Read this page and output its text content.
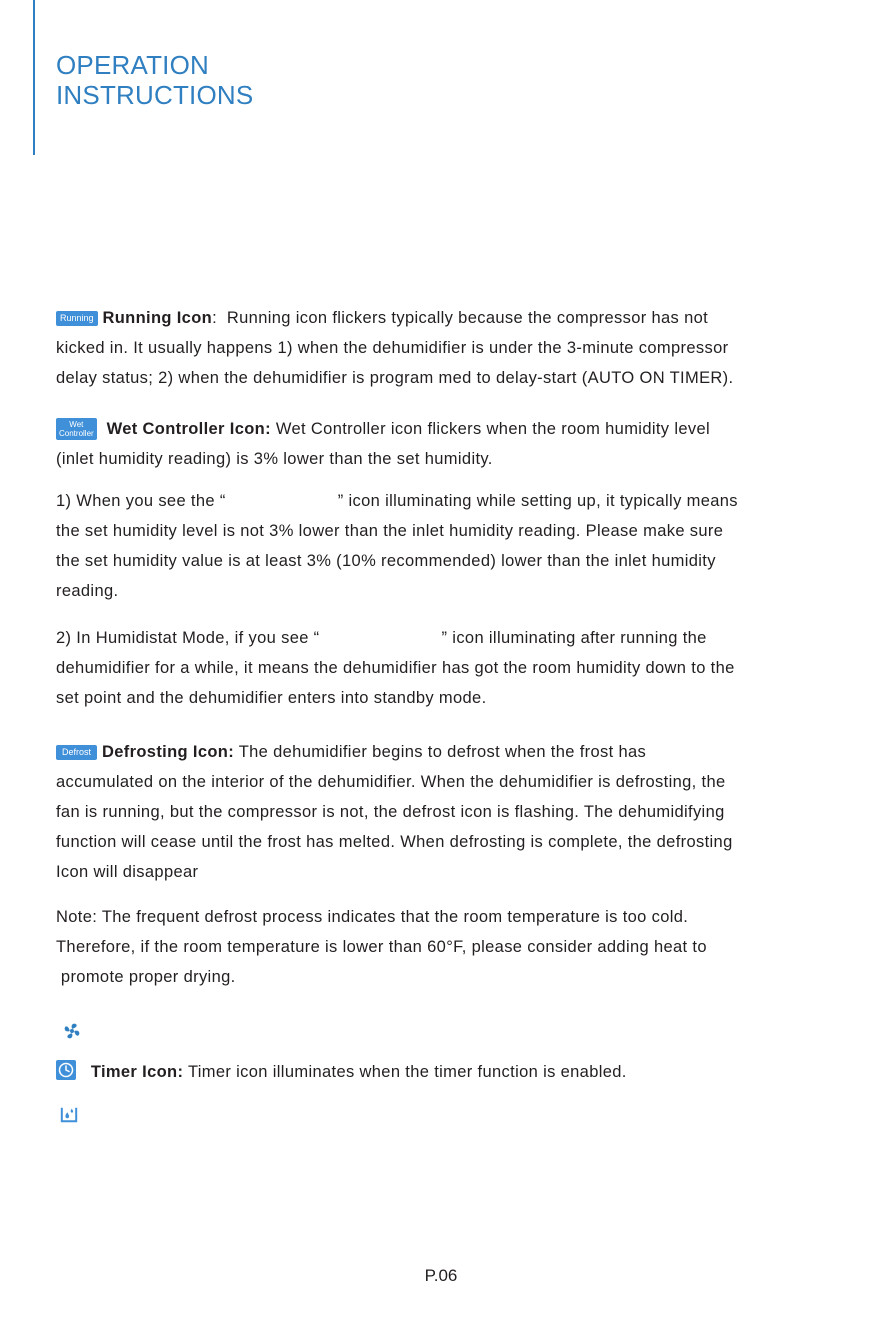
OPERATION
INSTRUCTIONS
Running Running Icon: Running icon flickers typically because the compressor has not
kicked in. It usually happens 1) when the dehumidifier is under the 3-minute compressor
delay status; 2) when the dehumidifier is program med to delay-start (AUTO ON TIMER).
Wet
Controller Wet Controller Icon: Wet Controller icon flickers when the room humidity level
(inlet humidity reading) is 3% lower than the set humidity.
1) When you see the “	” icon illuminating while setting up, it typically means
the set humidity level is not 3% lower than the inlet humidity reading. Please make sure
the set humidity value is at least 3% (10% recommended) lower than the inlet humidity
reading.
2) In Humidistat Mode, if you see “	” icon illuminating after running the
dehumidifier for a while, it means the dehumidifier has got the room humidity down to the
set point and the dehumidifier enters into standby mode.
Defrost Defrosting Icon: The dehumidifier begins to defrost when the frost has
accumulated on the interior of the dehumidifier. When the dehumidifier is defrosting, the
fan is running, but the compressor is not, the defrost icon is flashing. The dehumidifying
function will cease until the frost has melted. When defrosting is complete, the defrosting
Icon will disappear
Note: The frequent defrost process indicates that the room temperature is too cold.
Therefore, if the room temperature is lower than 60°F, please consider adding heat to
promote proper drying.
Timer Icon: Timer icon illuminates when the timer function is enabled.
P.06
